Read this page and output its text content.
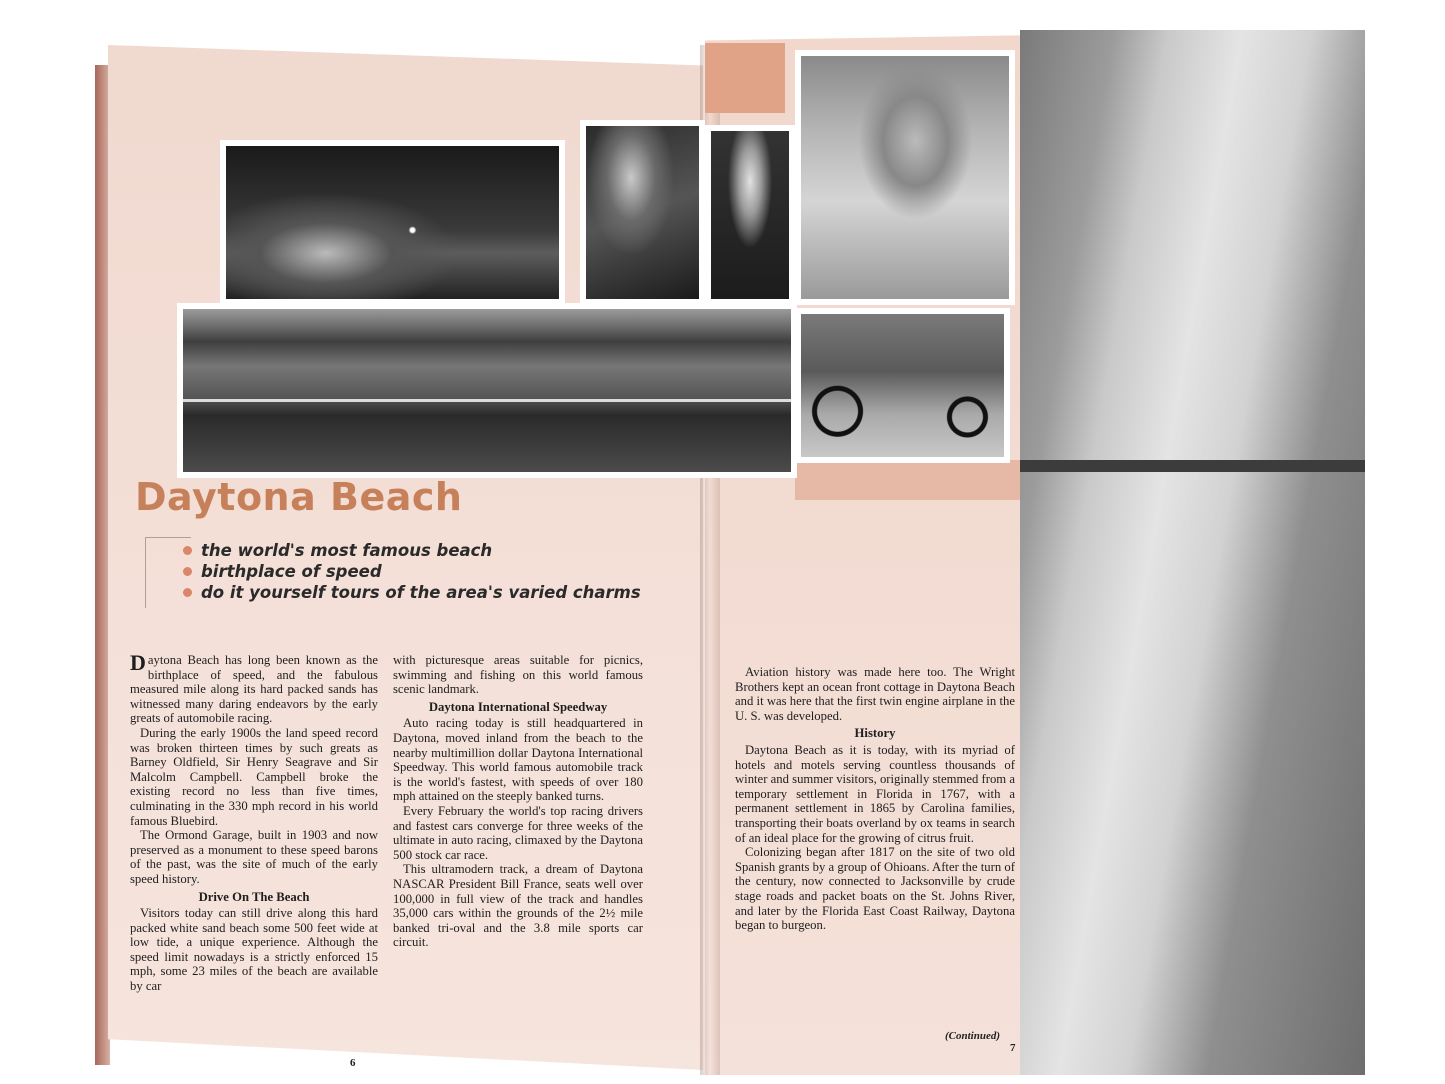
Daytona Beach
the world's most famous beach
birthplace of speed
do it yourself tours of the area's varied charms

Daytona Beach has long been known as the birthplace of speed, and the fabulous measured mile along its hard packed sands has witnessed many daring endeavors by the early greats of automobile racing.

During the early 1900s the land speed record was broken thirteen times by such greats as Barney Oldfield, Sir Henry Seagrave and Sir Malcolm Campbell. Campbell broke the existing record no less than five times, culminating in the 330 mph record in his world famous Bluebird.

The Ormond Garage, built in 1903 and now preserved as a monument to these speed barons of the past, was the site of much of the early speed history.

Drive On The Beach

Visitors today can still drive along this hard packed white sand beach some 500 feet wide at low tide, a unique experience. Although the speed limit nowadays is a strictly enforced 15 mph, some 23 miles of the beach are available by car

with picturesque areas suitable for picnics, swimming and fishing on this world famous scenic landmark.

Daytona International Speedway

Auto racing today is still headquartered in Daytona, moved inland from the beach to the nearby multimillion dollar Daytona International Speedway. This world famous automobile track is the world's fastest, with speeds of over 180 mph attained on the steeply banked turns.

Every February the world's top racing drivers and fastest cars converge for three weeks of the ultimate in auto racing, climaxed by the Daytona 500 stock car race.

This ultramodern track, a dream of Daytona NASCAR President Bill France, seats well over 100,000 in full view of the track and handles 35,000 cars within the grounds of the 2½ mile banked tri-oval and the 3.8 mile sports car circuit.

Aviation history was made here too. The Wright Brothers kept an ocean front cottage in Daytona Beach and it was here that the first twin engine airplane in the U. S. was developed.

History

Daytona Beach as it is today, with its myriad of hotels and motels serving countless thousands of winter and summer visitors, originally stemmed from a temporary settlement in Florida in 1767, with a permanent settlement in 1865 by Carolina families, transporting their boats overland by ox teams in search of an ideal place for the growing of citrus fruit.

Colonizing began after 1817 on the site of two old Spanish grants by a group of Ohioans. After the turn of the century, now connected to Jacksonville by crude stage roads and packet boats on the St. Johns River, and later by the Florida East Coast Railway, Daytona began to burgeon.

(Continued)
6
7
